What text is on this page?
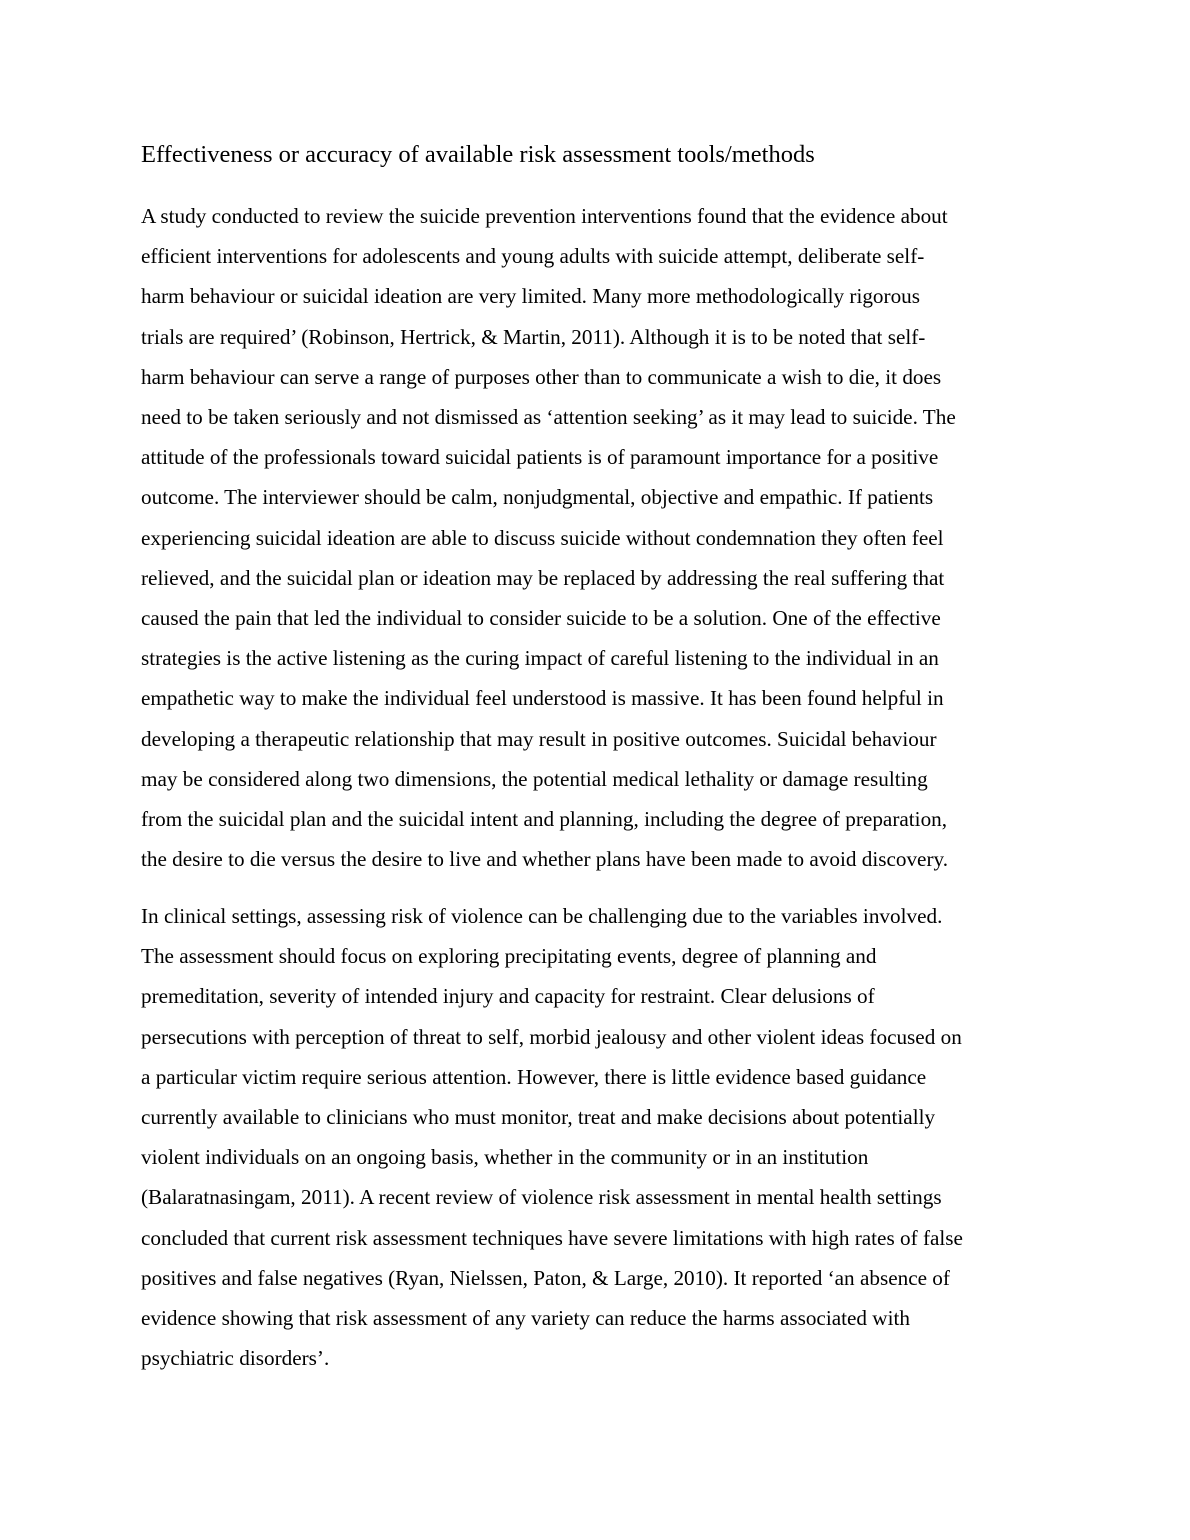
Effectiveness or accuracy of available risk assessment tools/methods
A study conducted to review the suicide prevention interventions found that the evidence about
efficient interventions for adolescents and young adults with suicide attempt, deliberate self-
harm behaviour or suicidal ideation are very limited. Many more methodologically rigorous
trials are required’ (Robinson, Hertrick, & Martin, 2011). Although it is to be noted that self-
harm behaviour can serve a range of purposes other than to communicate a wish to die, it does
need to be taken seriously and not dismissed as ‘attention seeking’ as it may lead to suicide. The
attitude of the professionals toward suicidal patients is of paramount importance for a positive
outcome. The interviewer should be calm, nonjudgmental, objective and empathic. If patients
experiencing suicidal ideation are able to discuss suicide without condemnation they often feel
relieved, and the suicidal plan or ideation may be replaced by addressing the real suffering that
caused the pain that led the individual to consider suicide to be a solution. One of the effective
strategies is the active listening as the curing impact of careful listening to the individual in an
empathetic way to make the individual feel understood is massive. It has been found helpful in
developing a therapeutic relationship that may result in positive outcomes. Suicidal behaviour
may be considered along two dimensions, the potential medical lethality or damage resulting
from the suicidal plan and the suicidal intent and planning, including the degree of preparation,
the desire to die versus the desire to live and whether plans have been made to avoid discovery.
In clinical settings, assessing risk of violence can be challenging due to the variables involved.
The assessment should focus on exploring precipitating events, degree of planning and
premeditation, severity of intended injury and capacity for restraint. Clear delusions of
persecutions with perception of threat to self, morbid jealousy and other violent ideas focused on
a particular victim require serious attention. However, there is little evidence based guidance
currently available to clinicians who must monitor, treat and make decisions about potentially
violent individuals on an ongoing basis, whether in the community or in an institution
(Balaratnasingam, 2011). A recent review of violence risk assessment in mental health settings
concluded that current risk assessment techniques have severe limitations with high rates of false
positives and false negatives (Ryan, Nielssen, Paton, & Large, 2010). It reported ‘an absence of
evidence showing that risk assessment of any variety can reduce the harms associated with
psychiatric disorders’.
